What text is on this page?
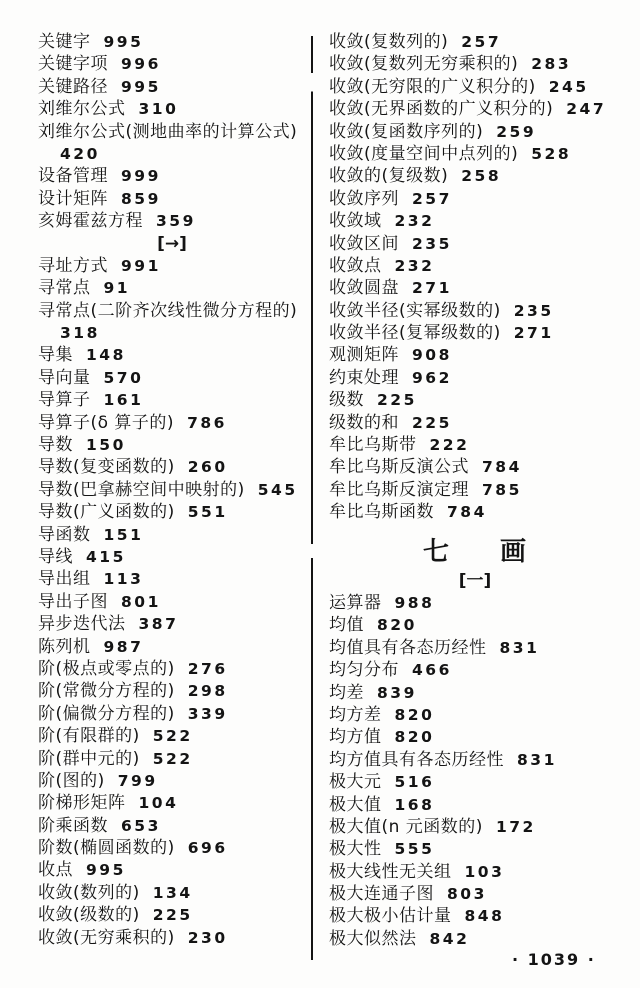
关键字 995
关键字项 996
关键路径 995
刘维尔公式 310
刘维尔公式(测地曲率的计算公式)
420
设备管理 999
设计矩阵 859
亥姆霍兹方程 359
[→]
寻址方式 991
寻常点 91
寻常点(二阶齐次线性微分方程的)
318
导集 148
导向量 570
导算子 161
导算子(δ 算子的) 786
导数 150
导数(复变函数的) 260
导数(巴拿赫空间中映射的) 545
导数(广义函数的) 551
导函数 151
导线 415
导出组 113
导出子图 801
异步迭代法 387
陈列机 987
阶(极点或零点的) 276
阶(常微分方程的) 298
阶(偏微分方程的) 339
阶(有限群的) 522
阶(群中元的) 522
阶(图的) 799
阶梯形矩阵 104
阶乘函数 653
阶数(椭圆函数的) 696
收点 995
收敛(数列的) 134
收敛(级数的) 225
收敛(无穷乘积的) 230
收敛(复数列的) 257
收敛(复数列无穷乘积的) 283
收敛(无穷限的广义积分的) 245
收敛(无界函数的广义积分的) 247
收敛(复函数序列的) 259
收敛(度量空间中点列的) 528
收敛的(复级数) 258
收敛序列 257
收敛域 232
收敛区间 235
收敛点 232
收敛圆盘 271
收敛半径(实幂级数的) 235
收敛半径(复幂级数的) 271
观测矩阵 908
约束处理 962
级数 225
级数的和 225
牟比乌斯带 222
牟比乌斯反演公式 784
牟比乌斯反演定理 785
牟比乌斯函数 784
七 画
[一]
运算器 988
均值 820
均值具有各态历经性 831
均匀分布 466
均差 839
均方差 820
均方值 820
均方值具有各态历经性 831
极大元 516
极大值 168
极大值(n 元函数的) 172
极大性 555
极大线性无关组 103
极大连通子图 803
极大极小估计量 848
极大似然法 842
· 1039 ·
